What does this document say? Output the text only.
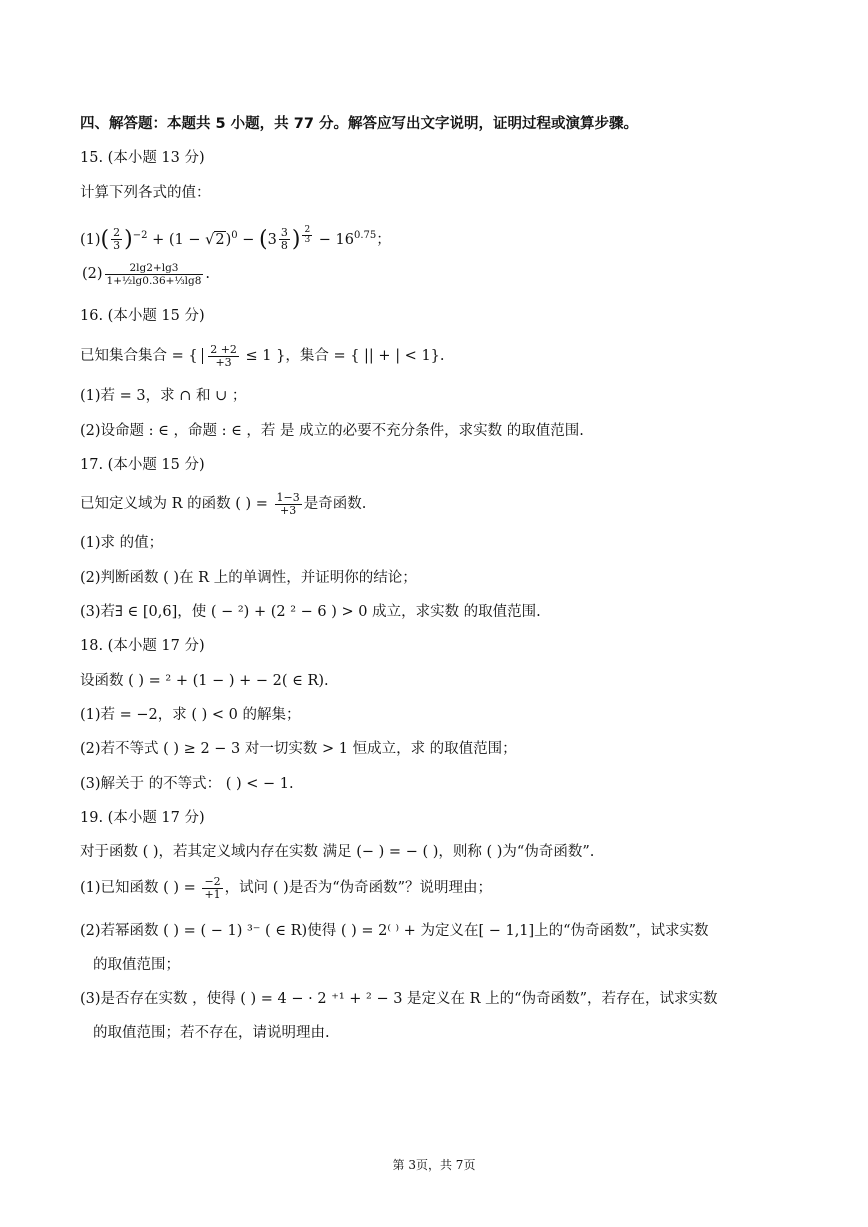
四、解答题：本题共 5 小题，共 77 分。解答应写出文字说明，证明过程或演算步骤。
15. (本小题 13 分)
计算下列各式的值：
$(1)( \frac{2}{3} )^{-2} + (1 - √2)^0 - (3 \frac{3}{8}$ ) $^{\frac{2}{3}} - 16^{0.75}$；
$(2) \frac{2\lg 2+\lg 3}{\text{1+½lg0.36+⅓lg8}}$ .
16. (本小题 15 分)
已知集合集合 = { $\frac{2 +2}{+3} \le 1$ }，集合 = { || + | < 1}.
(1)若 = 3，求 ∩ 和 ∪ ；
(2)设命题 : ∈ ，命题 : ∈ ，若 是 成立的必要不充分条件，求实数 的取值范围.
17. (本小题 15 分)
已知定义域为 R 的函数 ( ) = $\frac{1-3}{+3}$ 是奇函数.
(1)求 的值；
(2)判断函数 ( )在 R 上的单调性，并证明你的结论；
(3)若∃ ∈ [0,6]，使 ( − ²) + (2 ² − 6 ) > 0 成立，求实数 的取值范围.
18. (本小题 17 分)
设函数 ( ) = ² + (1 − ) + − 2( ∈ R).
(1)若 = −2，求 ( ) < 0 的解集；
(2)若不等式 ( ) ≥ 2 − 3 对一切实数 > 1 恒成立，求 的取值范围；
(3)解关于 的不等式： ( ) < − 1.
19. (本小题 17 分)
对于函数 ( )，若其定义域内存在实数 满足 (− ) = − ( )，则称 ( )为“伪奇函数”.
(1)已知函数 ( ) = $\frac{-2}{+1}$ ，试问 ( )是否为“伪奇函数”？说明理由；
(2)若幂函数 ( ) = ( − 1) ³⁻ ( ∈ R)使得 ( ) = 2⁽ ⁾ + 为定义在[ − 1,1]上的“伪奇函数”，试求实数
的取值范围；
(3)是否存在实数 ，使得 ( ) = 4 − · 2 ⁺¹ + ² − 3 是定义在 R 上的“伪奇函数”，若存在，试求实数
的取值范围；若不存在，请说明理由.
第 3页，共 7页
